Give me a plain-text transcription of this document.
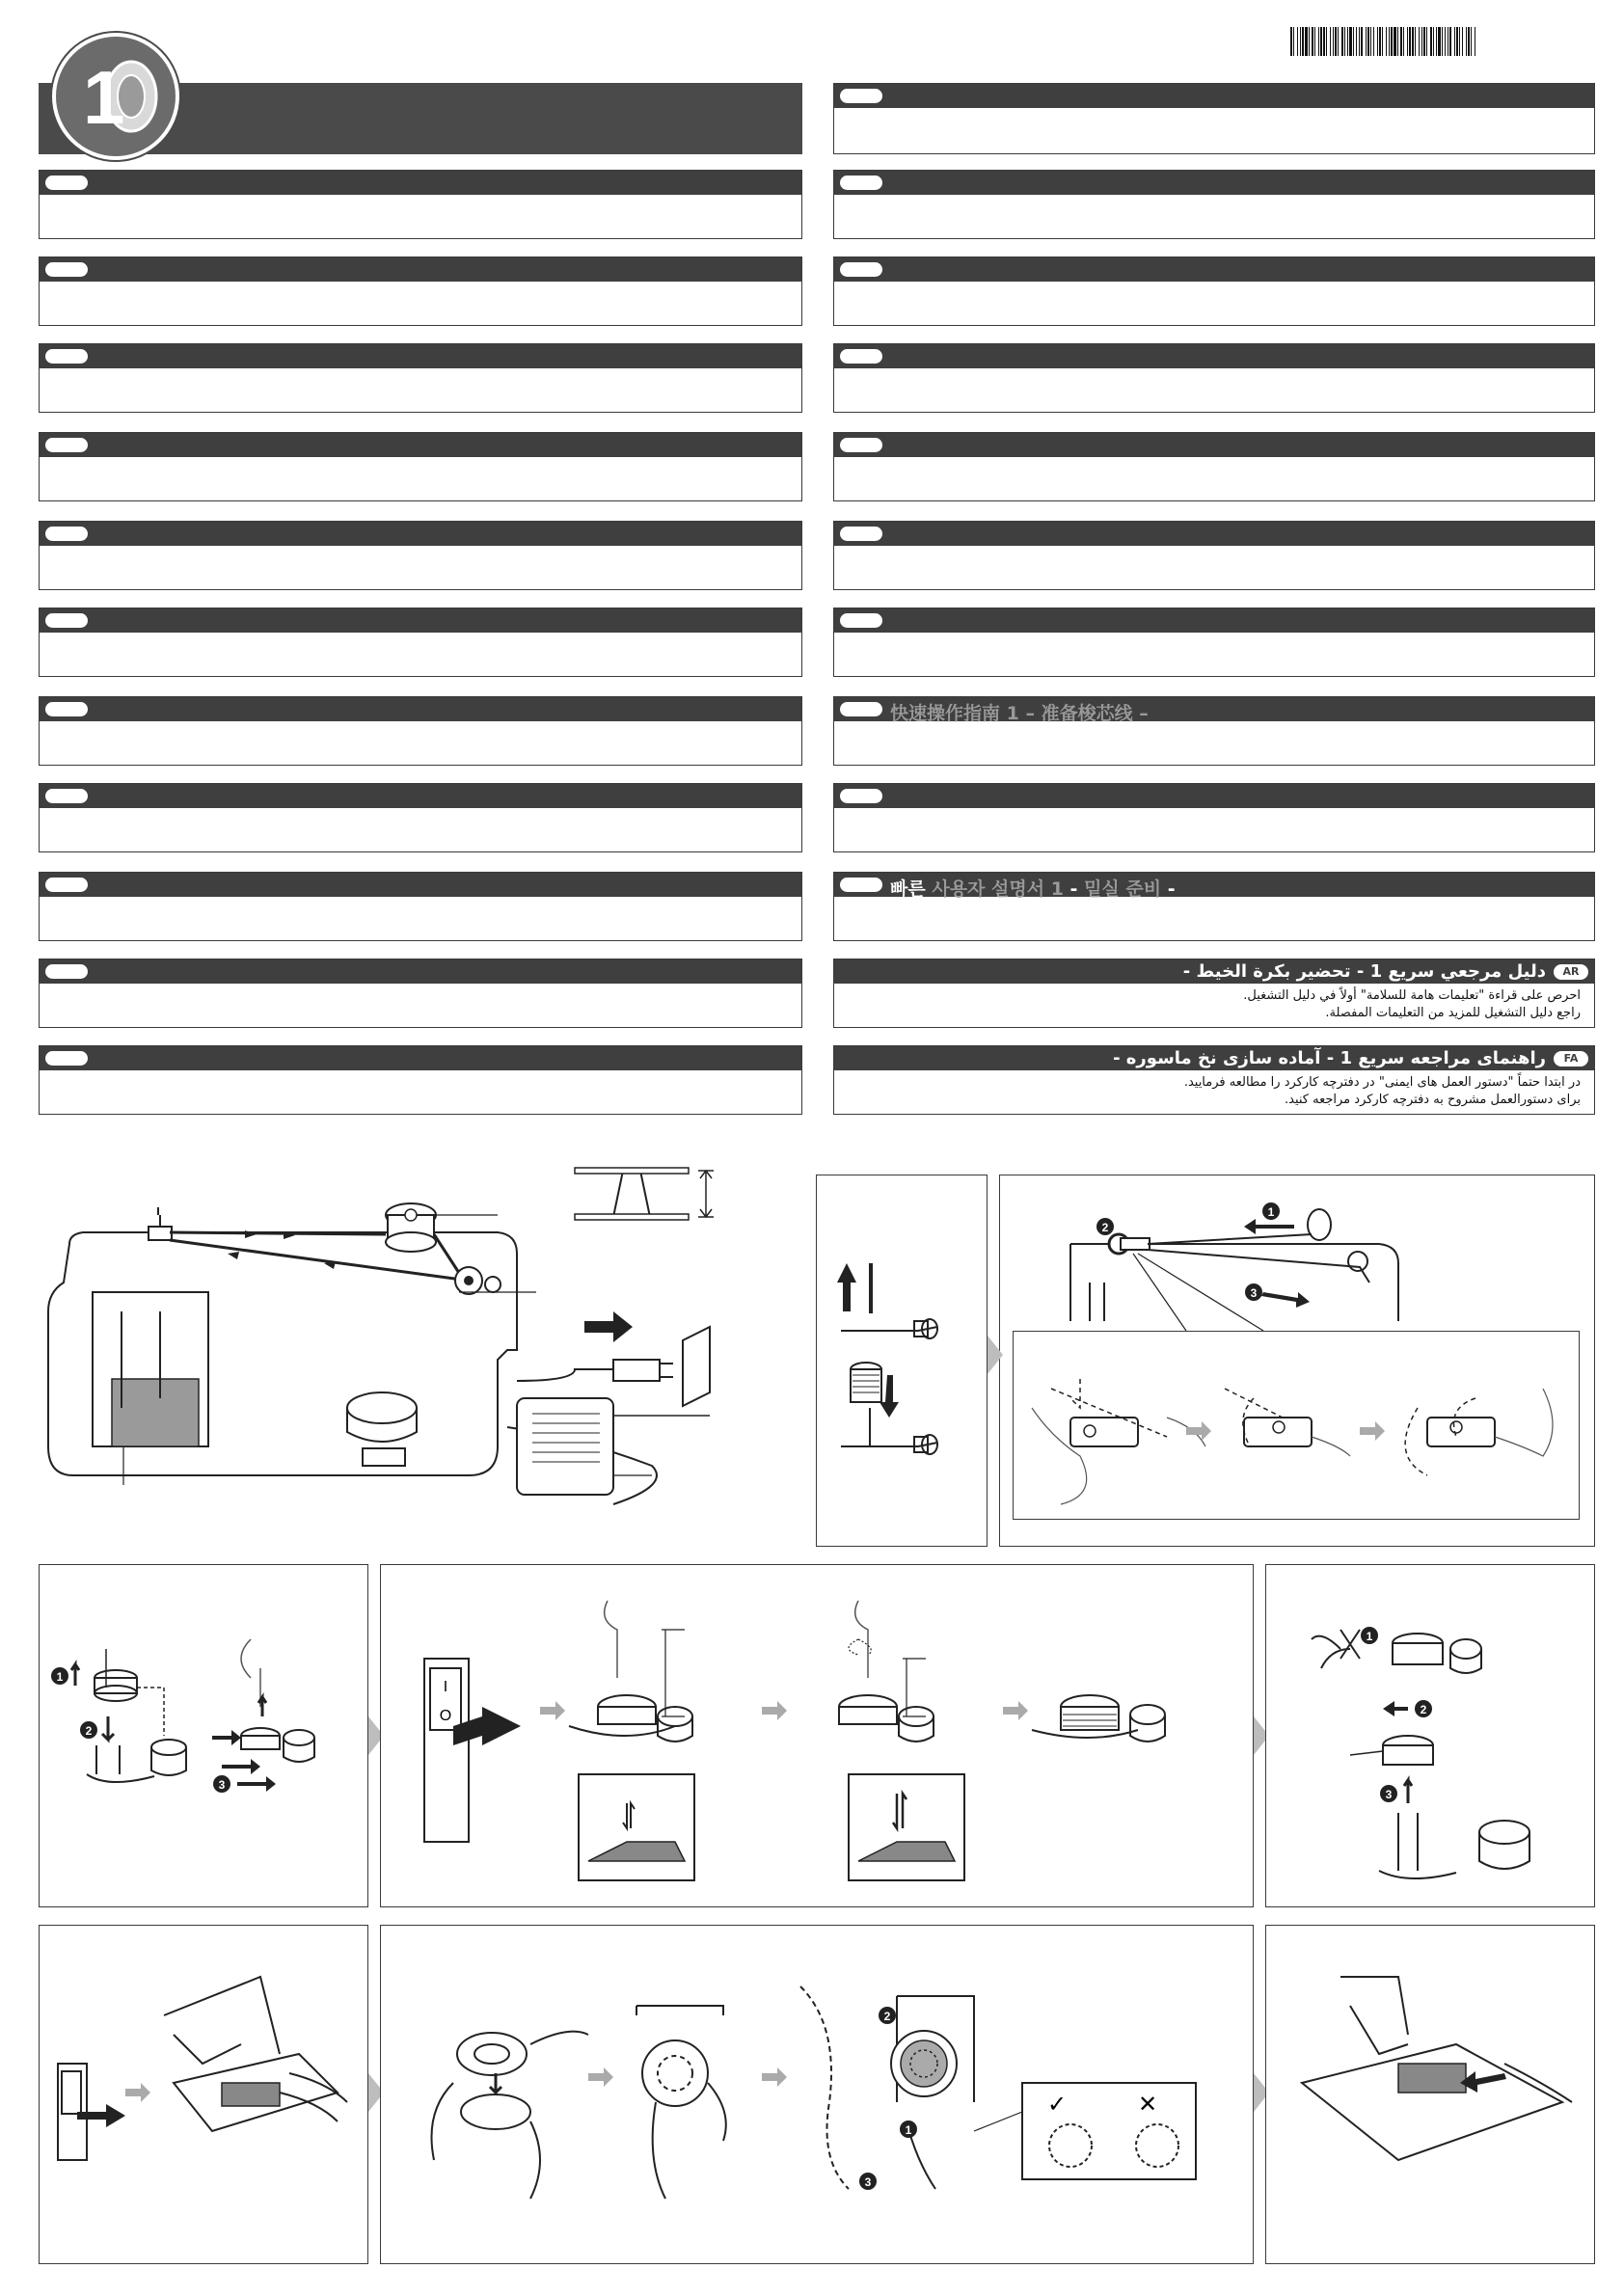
1
快速操作指南 1 – 准备梭芯线 –
빠른 사용자 설명서 1 - 밑실 준비 -
AR
دليل مرجعي سريع 1 - تحضير بكرة الخيط -
احرص على قراءة "تعليمات هامة للسلامة" أولاً في دليل التشغيل.
راجع دليل التشغيل للمزيد من التعليمات المفصلة.
FA
راهنمای مراجعه سریع 1 - آماده سازی نخ ماسوره -
در ابتدا حتماً "دستور العمل های ایمنی" در دفترچه کارکرد را مطالعه فرمایید.
برای دستورالعمل مشروح به دفترچه کارکرد مراجعه کنید.
1
2
3
1
2
3
I
O
1
2
3
2
1
3
✓	✕
